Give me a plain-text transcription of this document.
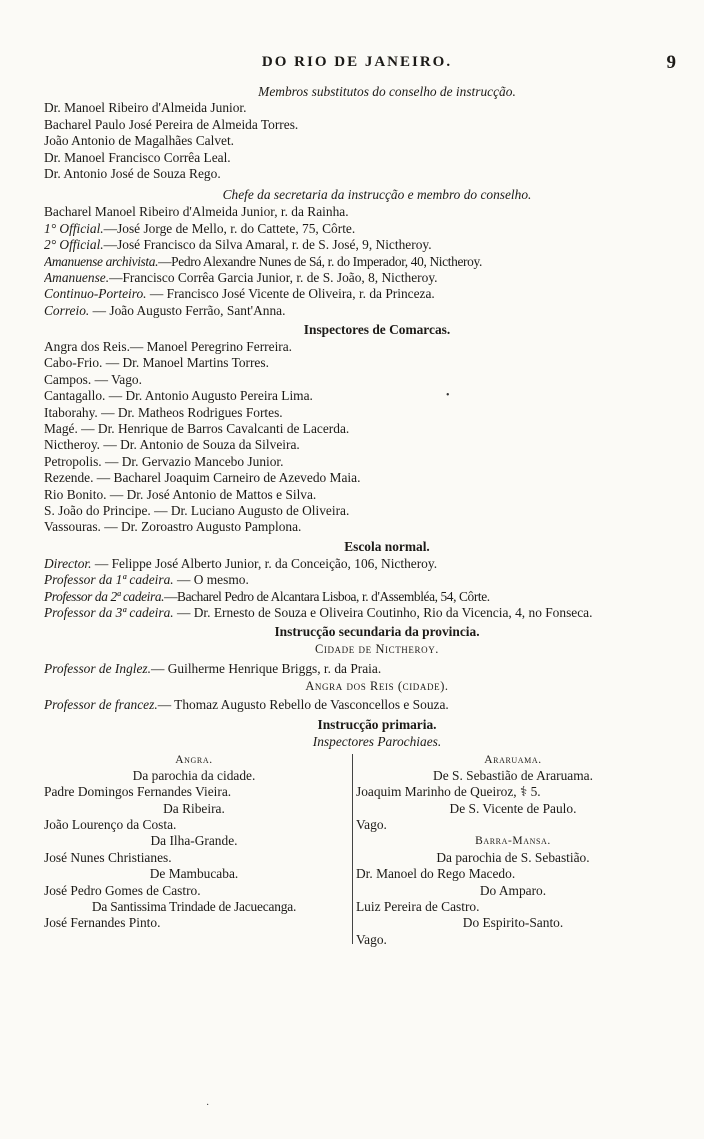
DO RIO DE JANEIRO.	9
Membros substitutos do conselho de instrucção.
Dr. Manoel Ribeiro d'Almeida Junior.
Bacharel Paulo José Pereira de Almeida Torres.
João Antonio de Magalhães Calvet.
Dr. Manoel Francisco Corrêa Leal.
Dr. Antonio José de Souza Rego.
Chefe da secretaria da instrucção e membro do conselho.
Bacharel Manoel Ribeiro d'Almeida Junior, r. da Rainha.
1° Official.—José Jorge de Mello, r. do Cattete, 75, Côrte.
2° Official.—José Francisco da Silva Amaral, r. de S. José, 9, Nictheroy.
Amanuense archivista.—Pedro Alexandre Nunes de Sá, r. do Imperador, 40, Nictheroy.
Amanuense.—Francisco Corrêa Garcia Junior, r. de S. João, 8, Nictheroy.
Continuo-Porteiro. — Francisco José Vicente de Oliveira, r. da Princeza.
Correio. — João Augusto Ferrão, Sant'Anna.
Inspectores de Comarcas.
Angra dos Reis.— Manoel Peregrino Ferreira.
Cabo-Frio. — Dr. Manoel Martins Torres.
Campos. — Vago.
Cantagallo. — Dr. Antonio Augusto Pereira Lima.
Itaborahy. — Dr. Matheos Rodrigues Fortes.
Magé. — Dr. Henrique de Barros Cavalcanti de Lacerda.
Nictheroy. — Dr. Antonio de Souza da Silveira.
Petropolis. — Dr. Gervazio Mancebo Junior.
Rezende. — Bacharel Joaquim Carneiro de Azevedo Maia.
Rio Bonito. — Dr. José Antonio de Mattos e Silva.
S. João do Principe. — Dr. Luciano Augusto de Oliveira.
Vassouras. — Dr. Zoroastro Augusto Pamplona.
Escola normal.
Director. — Felippe José Alberto Junior, r. da Conceição, 106, Nictheroy.
Professor da 1ª cadeira. — O mesmo.
Professor da 2ª cadeira.—Bacharel Pedro de Alcantara Lisboa, r. d'Assembléa, 54, Côrte.
Professor da 3ª cadeira. — Dr. Ernesto de Souza e Oliveira Coutinho, Rio da Vicencia, 4, no Fonseca.
Instrucção secundaria da provincia.
Cidade de Nictheroy.
Professor de Inglez.— Guilherme Henrique Briggs, r. da Praia.
Angra dos Reis (cidade).
Professor de francez.— Thomaz Augusto Rebello de Vasconcellos e Souza.
Instrucção primaria.
Inspectores Parochiaes.
Angra.
Da parochia da cidade.
Padre Domingos Fernandes Vieira.
Da Ribeira.
João Lourenço da Costa.
Da Ilha-Grande.
José Nunes Christianes.
De Mambucaba.
José Pedro Gomes de Castro.
Da Santissima Trindade de Jacuecanga.
José Fernandes Pinto.
Araruama.
De S. Sebastião de Araruama.
Joaquim Marinho de Queiroz, ⚕ 5.
De S. Vicente de Paulo.
Vago.
Barra-Mansa.
Da parochia de S. Sebastião.
Dr. Manoel do Rego Macedo.
Do Amparo.
Luiz Pereira de Castro.
Do Espirito-Santo.
Vago.
•
·
